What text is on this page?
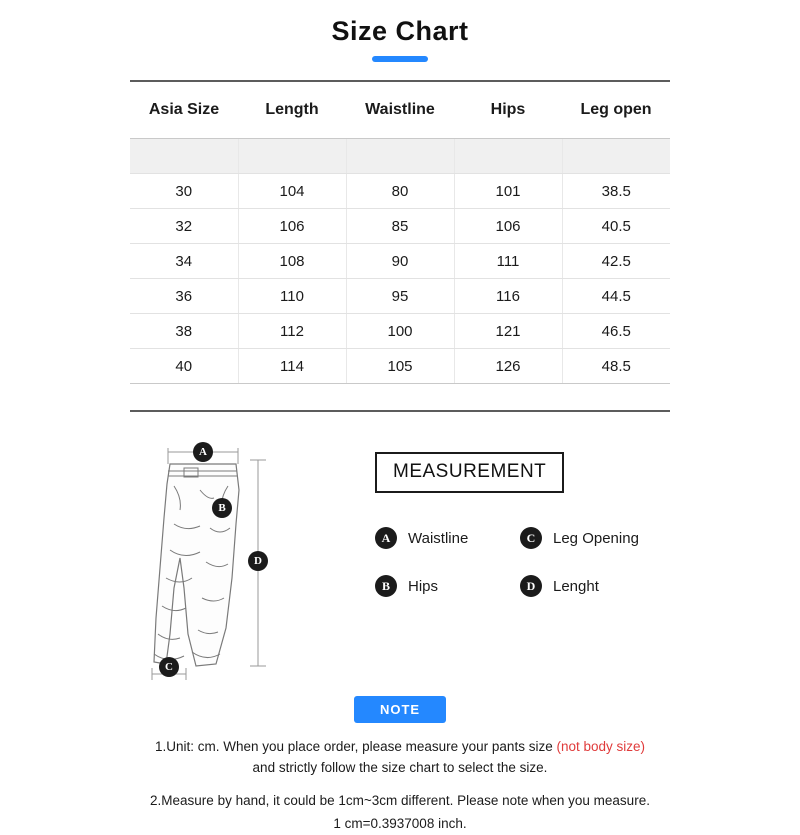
Size Chart
Asia Size	Length	Waistline	Hips	Leg open

30	104	80	101	38.5
32	106	85	106	40.5
34	108	90	111	42.5
36	110	95	116	44.5
38	112	100	121	46.5
40	114	105	126	48.5
A
B
C
D
MEASUREMENT
A Waistline	C Leg Opening
B Hips	D Lenght
NOTE
1.Unit: cm. When you place order, please measure your pants size (not body size)
and strictly follow the size chart to select the size.
2.Measure by hand, it could be 1cm~3cm different. Please note when you measure.
1 cm=0.3937008 inch.
